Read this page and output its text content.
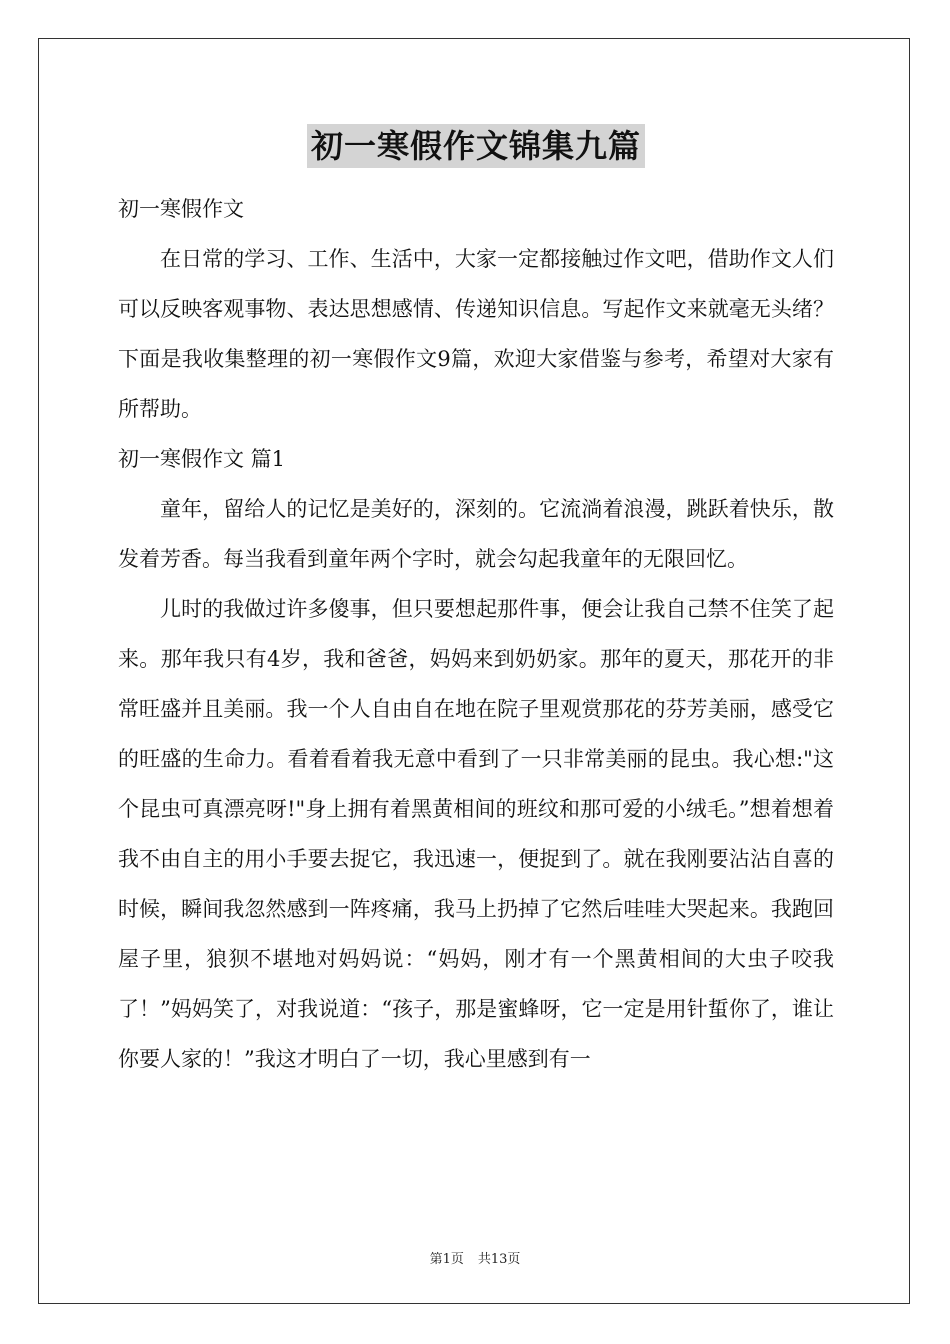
初一寒假作文锦集九篇
初一寒假作文

在日常的学习、工作、生活中，大家一定都接触过作文吧，借助作文人们可以反映客观事物、表达思想感情、传递知识信息。写起作文来就毫无头绪？下面是我收集整理的初一寒假作文9篇，欢迎大家借鉴与参考，希望对大家有所帮助。

初一寒假作文 篇1

童年，留给人的记忆是美好的，深刻的。它流淌着浪漫，跳跃着快乐，散发着芳香。每当我看到童年两个字时，就会勾起我童年的无限回忆。

儿时的我做过许多傻事，但只要想起那件事，便会让我自己禁不住笑了起来。那年我只有4岁，我和爸爸，妈妈来到奶奶家。那年的夏天，那花开的非常旺盛并且美丽。我一个人自由自在地在院子里观赏那花的芬芳美丽，感受它的旺盛的生命力。看着看着我无意中看到了一只非常美丽的昆虫。我心想:"这个昆虫可真漂亮呀!"身上拥有着黑黄相间的班纹和那可爱的小绒毛。”想着想着我不由自主的用小手要去捉它，我迅速一，便捉到了。就在我刚要沾沾自喜的时候，瞬间我忽然感到一阵疼痛，我马上扔掉了它然后哇哇大哭起来。我跑回屋子里，狼狈不堪地对妈妈说：“妈妈，刚才有一个黑黄相间的大虫子咬我了！”妈妈笑了，对我说道：“孩子，那是蜜蜂呀，它一定是用针蜇你了，谁让你要人家的！”我这才明白了一切，我心里感到有一

第1页 共13页
